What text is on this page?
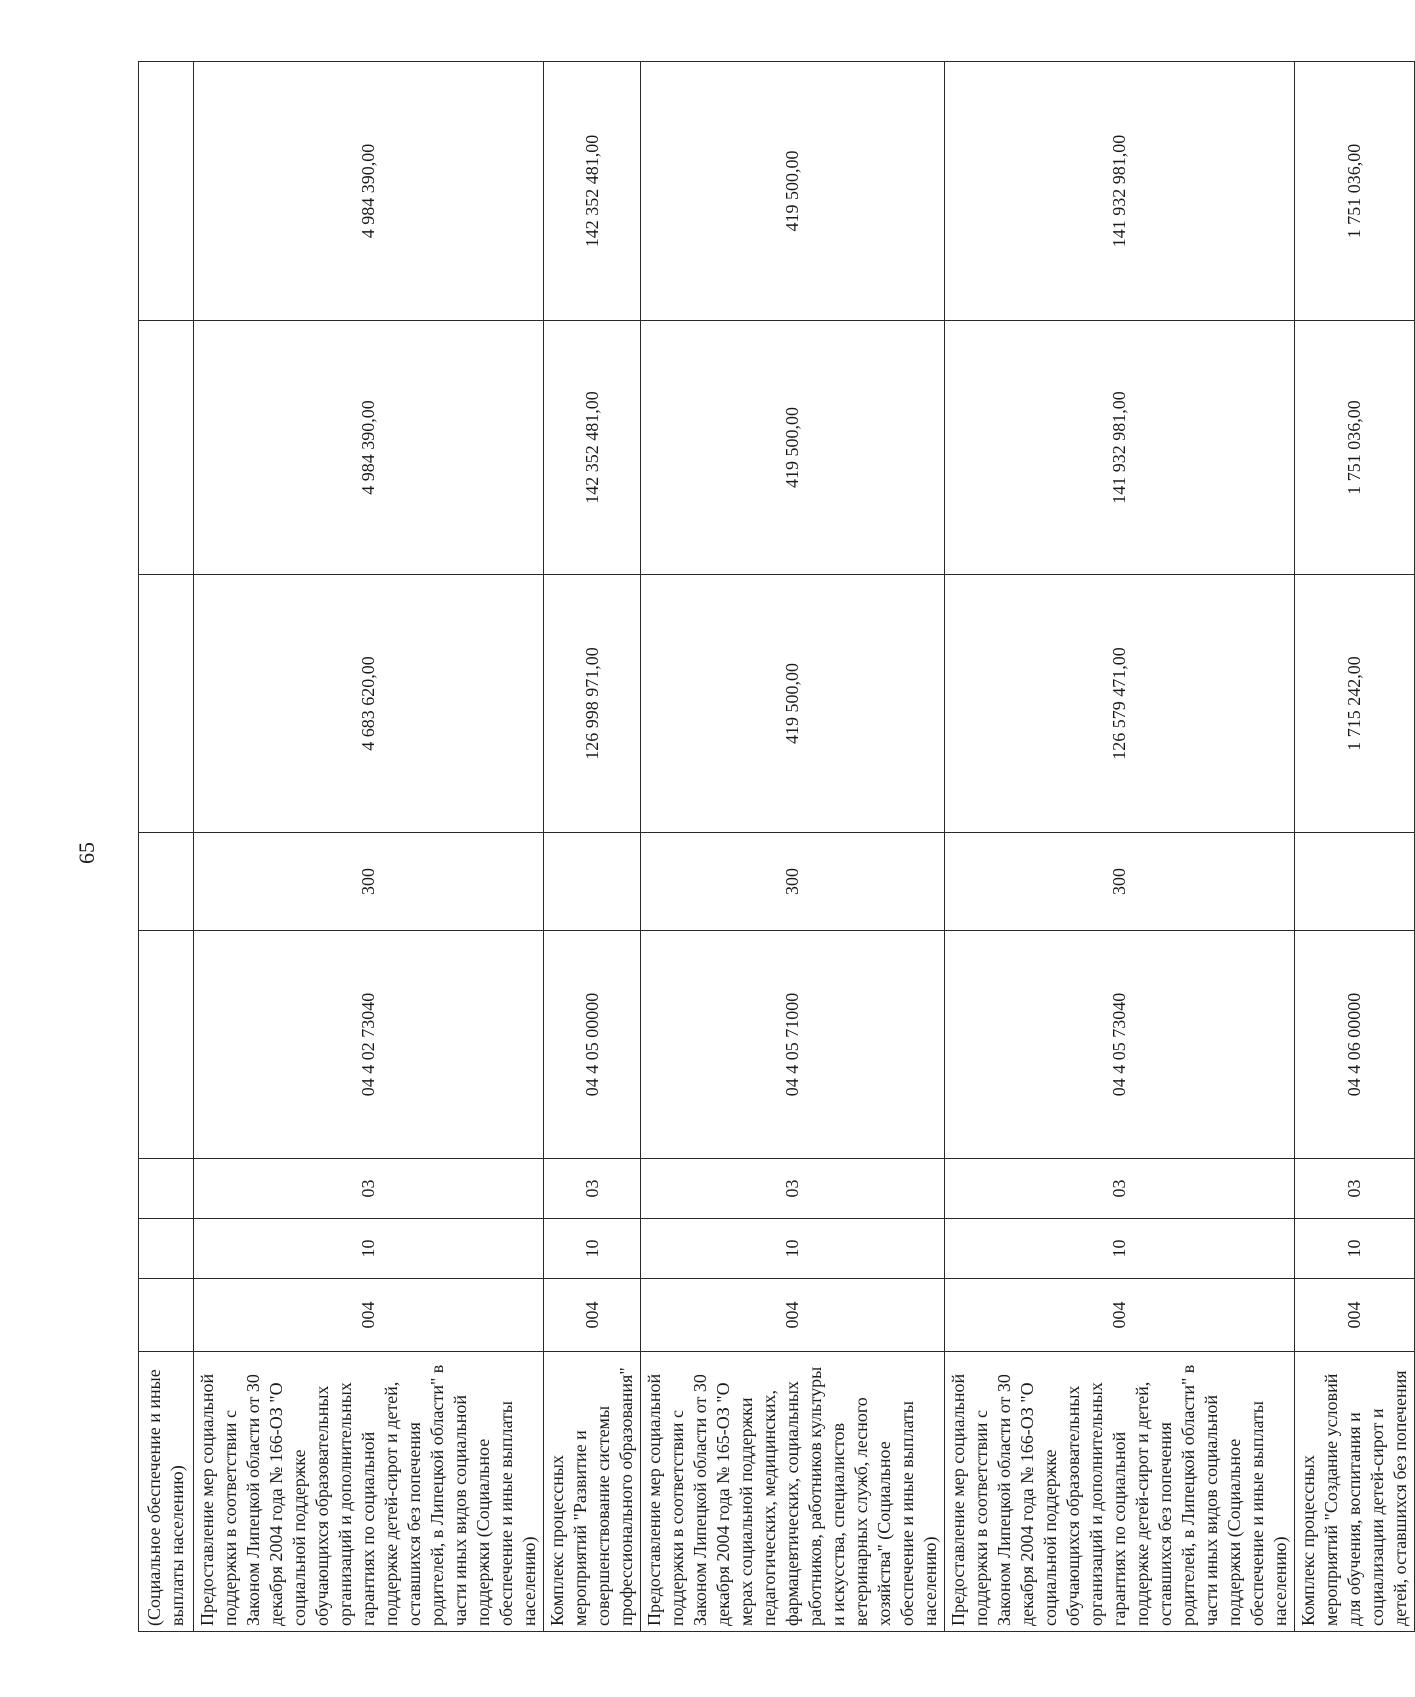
65
(Социальное обеспечение и иные выплаты населению)								
Предоставление мер социальной поддержки в соответствии с Законом Липецкой области от 30 декабря 2004 года № 166-ОЗ "О социальной поддержке обучающихся образовательных организаций и дополнительных гарантиях по социальной поддержке детей-сирот и детей, оставшихся без попечения родителей, в Липецкой области" в части иных видов социальной поддержки (Социальное обеспечение и иные выплаты населению)	004	10	03	04 4 02 73040	300	4 683 620,00	4 984 390,00	4 984 390,00
Комплекс процессных мероприятий "Развитие и совершенствование системы профессионального образования"	004	10	03	04 4 05 00000		126 998 971,00	142 352 481,00	142 352 481,00
Предоставление мер социальной поддержки в соответствии с Законом Липецкой области от 30 декабря 2004 года № 165-ОЗ "О мерах социальной поддержки педагогических, медицинских, фармацевтических, социальных работников, работников культуры и искусства, специалистов ветеринарных служб, лесного хозяйства" (Социальное обеспечение и иные выплаты населению)	004	10	03	04 4 05 71000	300	419 500,00	419 500,00	419 500,00
Предоставление мер социальной поддержки в соответствии с Законом Липецкой области от 30 декабря 2004 года № 166-ОЗ "О социальной поддержке обучающихся образовательных организаций и дополнительных гарантиях по социальной поддержке детей-сирот и детей, оставшихся без попечения родителей, в Липецкой области" в части иных видов социальной поддержки (Социальное обеспечение и иные выплаты населению)	004	10	03	04 4 05 73040	300	126 579 471,00	141 932 981,00	141 932 981,00
Комплекс процессных мероприятий "Создание условий для обучения, воспитания и социализации детей-сирот и детей, оставшихся без попечения	004	10	03	04 4 06 00000		1 715 242,00	1 751 036,00	1 751 036,00
